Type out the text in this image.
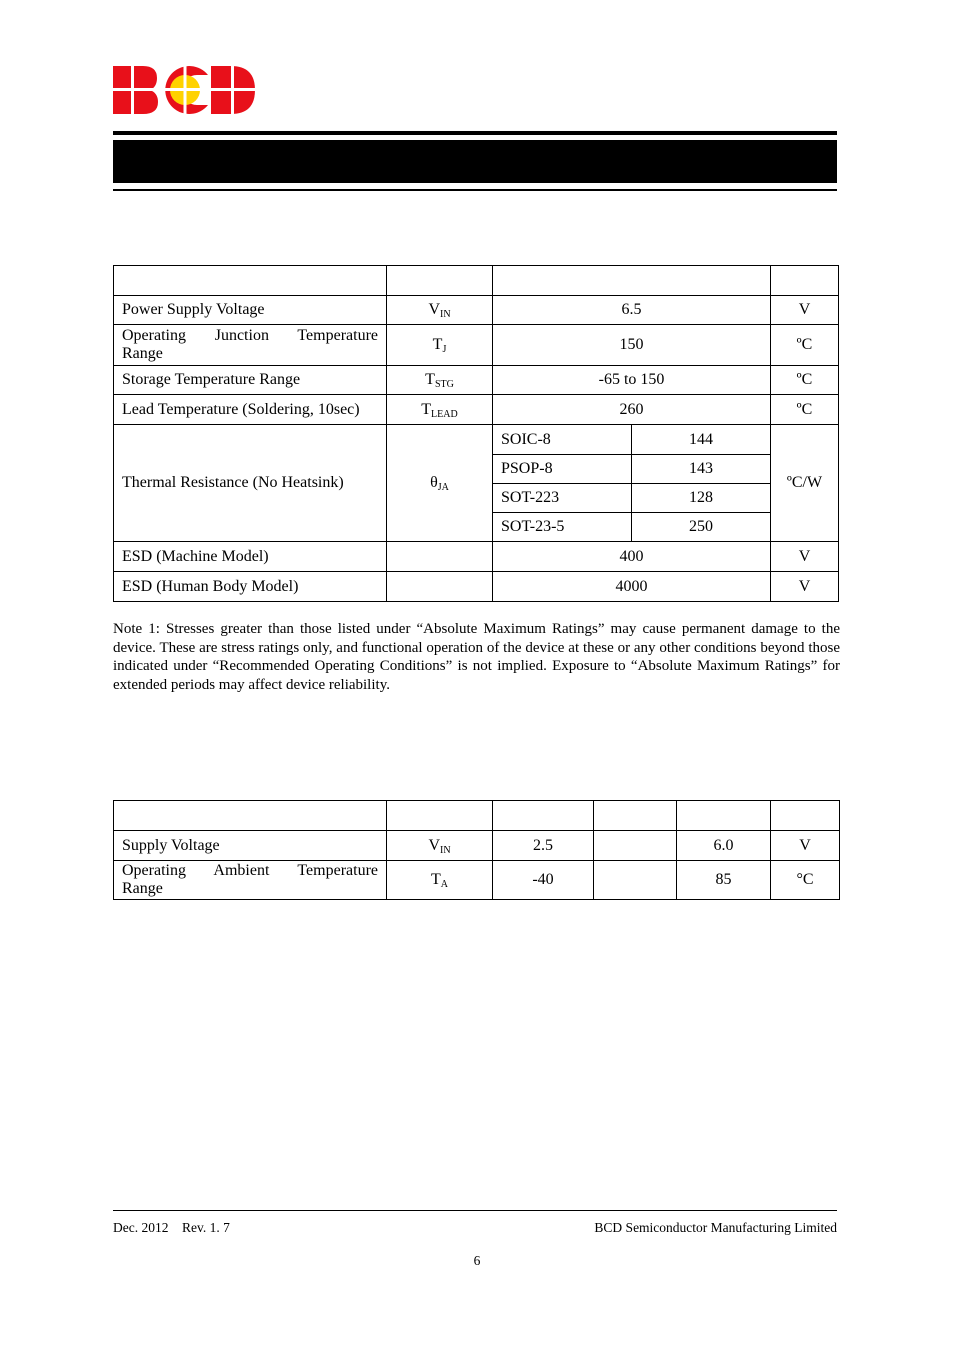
Power Supply Voltage	$V_{IN}$	6.5		V

Operating Junction Temperature
Range	$T_J$	150		ºC
Storage Temperature Range	$T_{STG}$	-65 to 150		ºC
Lead Temperature (Soldering, 10sec)	$T_{LEAD}$	260		ºC
Thermal Resistance (No Heatsink)	$\theta_{JA}$	SOIC-8	144	ºC/W
		PSOP-8	143	
		SOT-223	128	
		SOT-23-5	250	
ESD (Machine Model)		400		V
ESD (Human Body Model)		4000		V
Note 1: Stresses greater than those listed under “Absolute Maximum Ratings” may cause permanent damage to the device. These are stress ratings only, and functional operation of the device at these or any other conditions beyond those indicated under “Recommended Operating Conditions” is not implied. Exposure to “Absolute Maximum Ratings” for extended periods may affect device reliability.

Supply Voltage	$V_{IN}$	2.5		6.0	V

Operating Ambient Temperature
Range	$T_A$	-40		85	°C
Dec. 2012 Rev. 1. 7	BCD Semiconductor Manufacturing Limited
6
